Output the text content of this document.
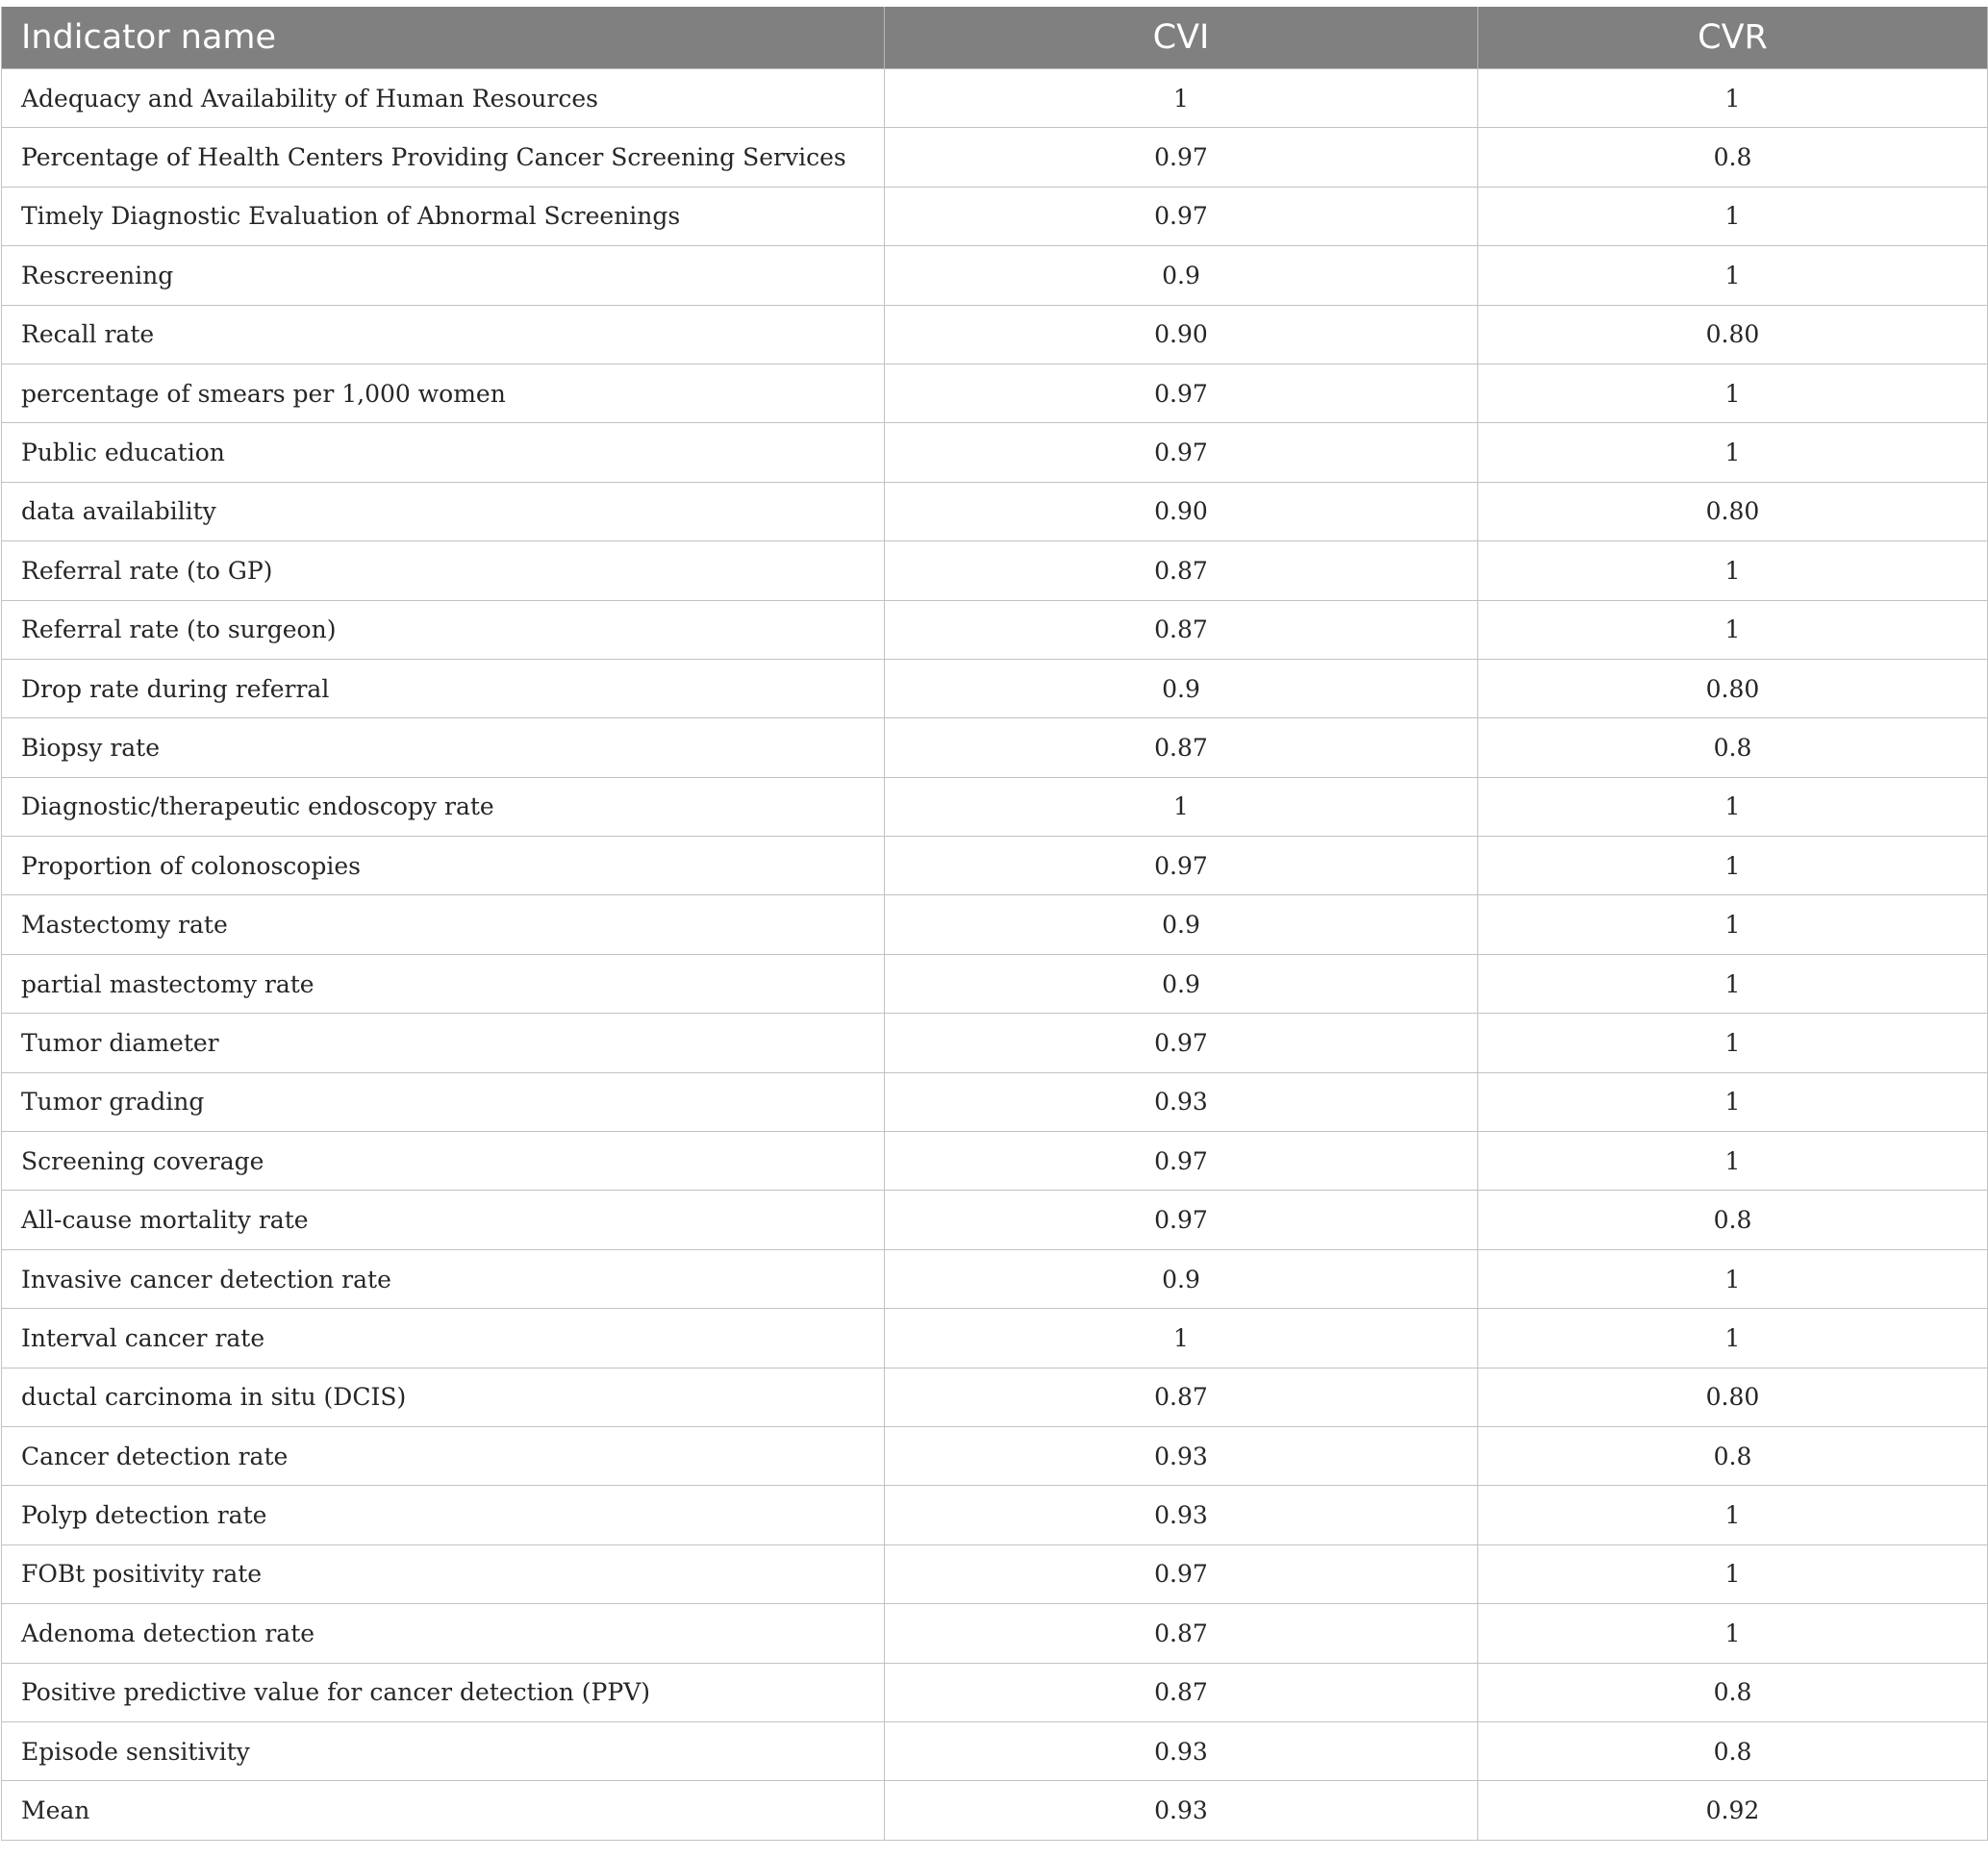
Indicator name	CVI	CVR
Adequacy and Availability of Human Resources	1	1
Percentage of Health Centers Providing Cancer Screening Services	0.97	0.8
Timely Diagnostic Evaluation of Abnormal Screenings	0.97	1
Rescreening	0.9	1
Recall rate	0.90	0.80
percentage of smears per 1,000 women	0.97	1
Public education	0.97	1
data availability	0.90	0.80
Referral rate (to GP)	0.87	1
Referral rate (to surgeon)	0.87	1
Drop rate during referral	0.9	0.80
Biopsy rate	0.87	0.8
Diagnostic/therapeutic endoscopy rate	1	1
Proportion of colonoscopies	0.97	1
Mastectomy rate	0.9	1
partial mastectomy rate	0.9	1
Tumor diameter	0.97	1
Tumor grading	0.93	1
Screening coverage	0.97	1
All-cause mortality rate	0.97	0.8
Invasive cancer detection rate	0.9	1
Interval cancer rate	1	1
ductal carcinoma in situ (DCIS)	0.87	0.80
Cancer detection rate	0.93	0.8
Polyp detection rate	0.93	1
FOBt positivity rate	0.97	1
Adenoma detection rate	0.87	1
Positive predictive value for cancer detection (PPV)	0.87	0.8
Episode sensitivity	0.93	0.8
Mean	0.93	0.92
